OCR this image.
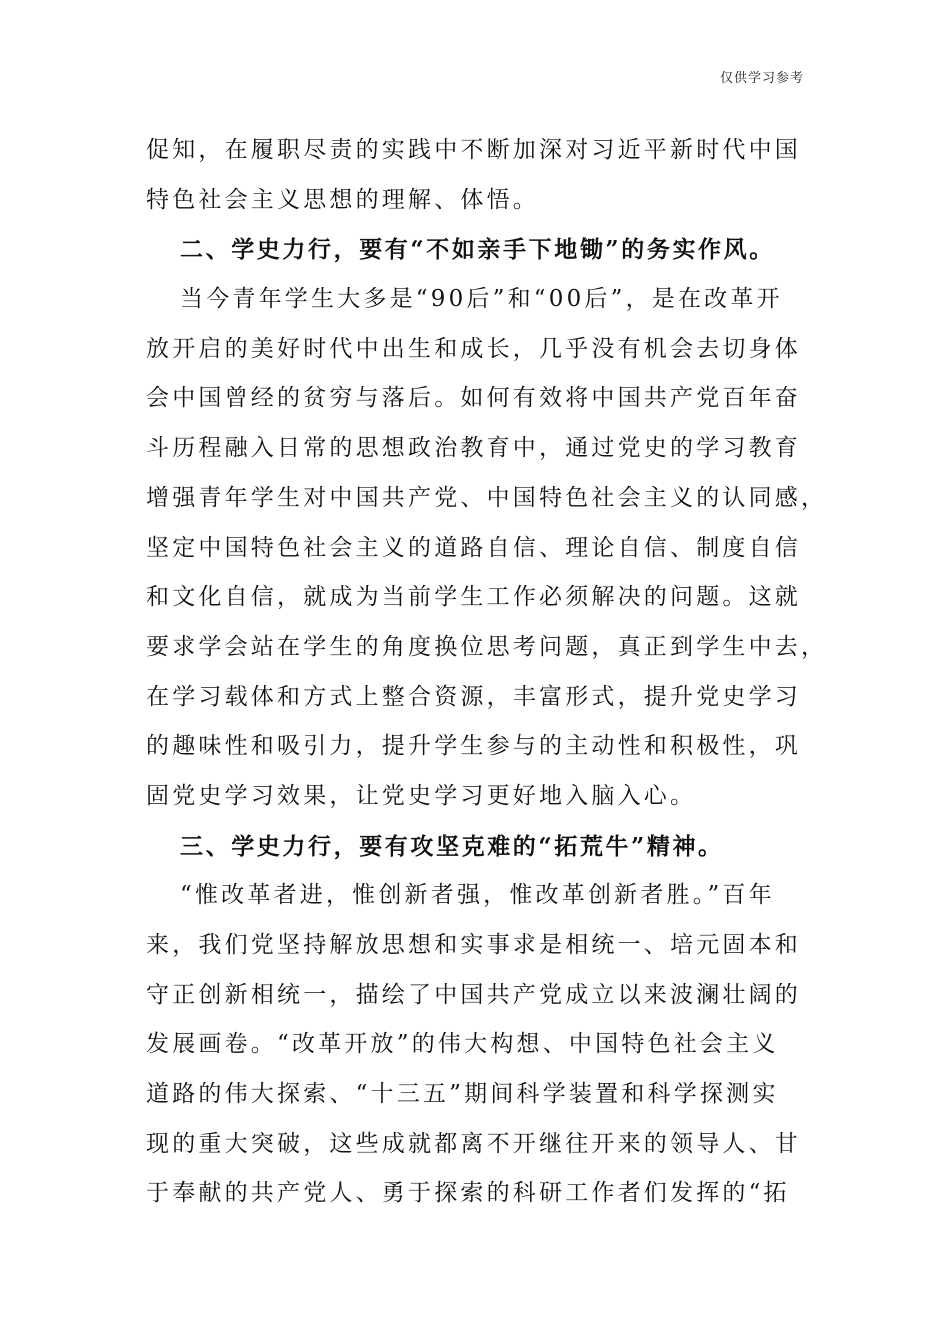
仅供学习参考
促知，在履职尽责的实践中不断加深对习近平新时代中国
特色社会主义思想的理解、体悟。
二、学史力行，要有“不如亲手下地锄”的务实作风。
当今青年学生大多是“90后”和“00后”，是在改革开
放开启的美好时代中出生和成长，几乎没有机会去切身体
会中国曾经的贫穷与落后。如何有效将中国共产党百年奋
斗历程融入日常的思想政治教育中，通过党史的学习教育
增强青年学生对中国共产党、中国特色社会主义的认同感，
坚定中国特色社会主义的道路自信、理论自信、制度自信
和文化自信，就成为当前学生工作必须解决的问题。这就
要求学会站在学生的角度换位思考问题，真正到学生中去，
在学习载体和方式上整合资源，丰富形式，提升党史学习
的趣味性和吸引力，提升学生参与的主动性和积极性，巩
固党史学习效果，让党史学习更好地入脑入心。
三、学史力行，要有攻坚克难的“拓荒牛”精神。
“惟改革者进，惟创新者强，惟改革创新者胜。”百年
来，我们党坚持解放思想和实事求是相统一、培元固本和
守正创新相统一，描绘了中国共产党成立以来波澜壮阔的
发展画卷。“改革开放”的伟大构想、中国特色社会主义
道路的伟大探索、“十三五”期间科学装置和科学探测实
现的重大突破，这些成就都离不开继往开来的领导人、甘
于奉献的共产党人、勇于探索的科研工作者们发挥的“拓
